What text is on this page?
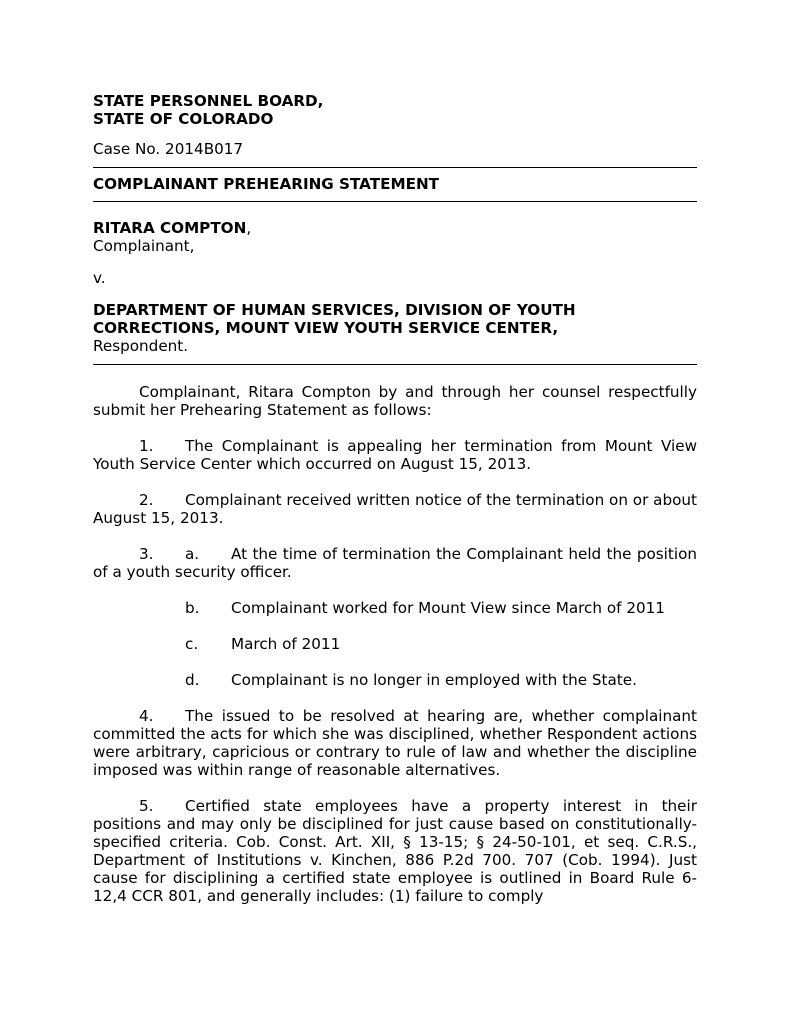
STATE PERSONNEL BOARD,
STATE OF COLORADO
Case No. 2014B017
COMPLAINANT PREHEARING STATEMENT
RITARA COMPTON,
Complainant,
v.
DEPARTMENT OF HUMAN SERVICES, DIVISION OF YOUTH
CORRECTIONS, MOUNT VIEW YOUTH SERVICE CENTER,
Respondent.

Complainant, Ritara Compton by and through her counsel respectfully submit her Prehearing Statement as follows:

1. The Complainant is appealing her termination from Mount View Youth Service Center which occurred on August 15, 2013.

2. Complainant received written notice of the termination on or about August 15, 2013.

3. a. At the time of termination the Complainant held the position of a youth security officer.

b. Complainant worked for Mount View since March of 2011

c. March of 2011

d. Complainant is no longer in employed with the State.

4. The issued to be resolved at hearing are, whether complainant committed the acts for which she was disciplined, whether Respondent actions were arbitrary, capricious or contrary to rule of law and whether the discipline imposed was within range of reasonable alternatives.

5. Certified state employees have a property interest in their positions and may only be disciplined for just cause based on constitutionally-specified criteria. Cob. Const. Art. XII, § 13-15; § 24-50-101, et seq. C.R.S., Department of Institutions v. Kinchen, 886 P.2d 700. 707 (Cob. 1994). Just cause for disciplining a certified state employee is outlined in Board Rule 6- 12,4 CCR 801, and generally includes: (1) failure to comply
